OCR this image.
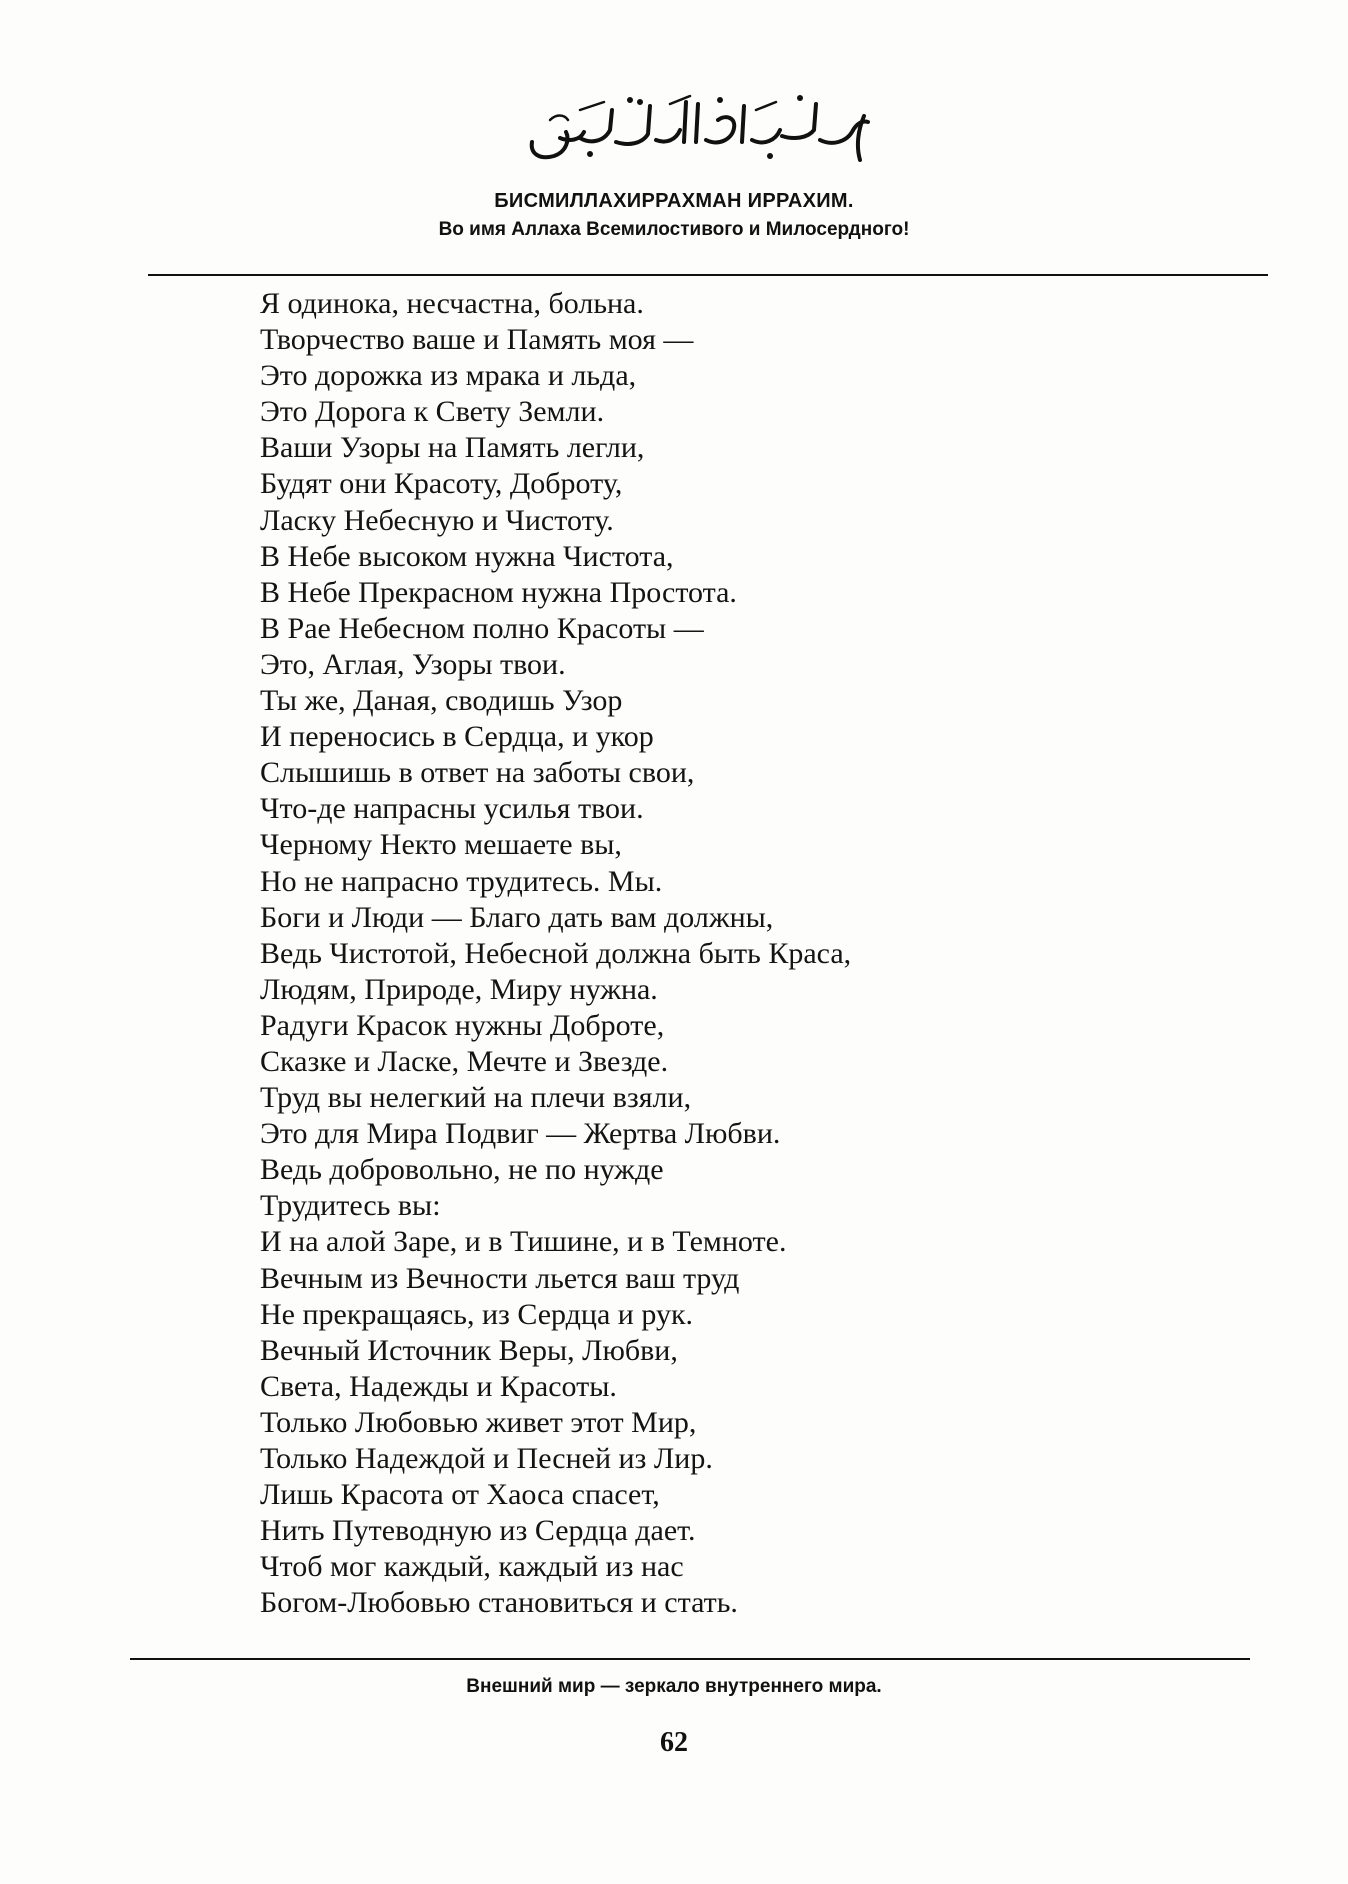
БИСМИЛЛАХИРРАХМАН ИРРАХИМ.
Во имя Аллаха Всемилостивого и Милосердного!
Я одинока, несчастна, больна.
Творчество ваше и Память моя —
Это дорожка из мрака и льда,
Это Дорога к Свету Земли.
Ваши Узоры на Память легли,
Будят они Красоту, Доброту,
Ласку Небесную и Чистоту.
В Небе высоком нужна Чистота,
В Небе Прекрасном нужна Простота.
В Рае Небесном полно Красоты —
Это, Аглая, Узоры твои.
Ты же, Даная, сводишь Узор
И переносись в Сердца, и укор
Слышишь в ответ на заботы свои,
Что-де напрасны усилья твои.
Черному Некто мешаете вы,
Но не напрасно трудитесь. Мы.
Боги и Люди — Благо дать вам должны,
Ведь Чистотой, Небесной должна быть Краса,
Людям, Природе, Миру нужна.
Радуги Красок нужны Доброте,
Сказке и Ласке, Мечте и Звезде.
Труд вы нелегкий на плечи взяли,
Это для Мира Подвиг — Жертва Любви.
Ведь добровольно, не по нужде
Трудитесь вы:
И на алой Заре, и в Тишине, и в Темноте.
Вечным из Вечности льется ваш труд
Не прекращаясь, из Сердца и рук.
Вечный Источник Веры, Любви,
Света, Надежды и Красоты.
Только Любовью живет этот Мир,
Только Надеждой и Песней из Лир.
Лишь Красота от Хаоса спасет,
Нить Путеводную из Сердца дает.
Чтоб мог каждый, каждый из нас
Богом-Любовью становиться и стать.
Внешний мир — зеркало внутреннего мира.
62
